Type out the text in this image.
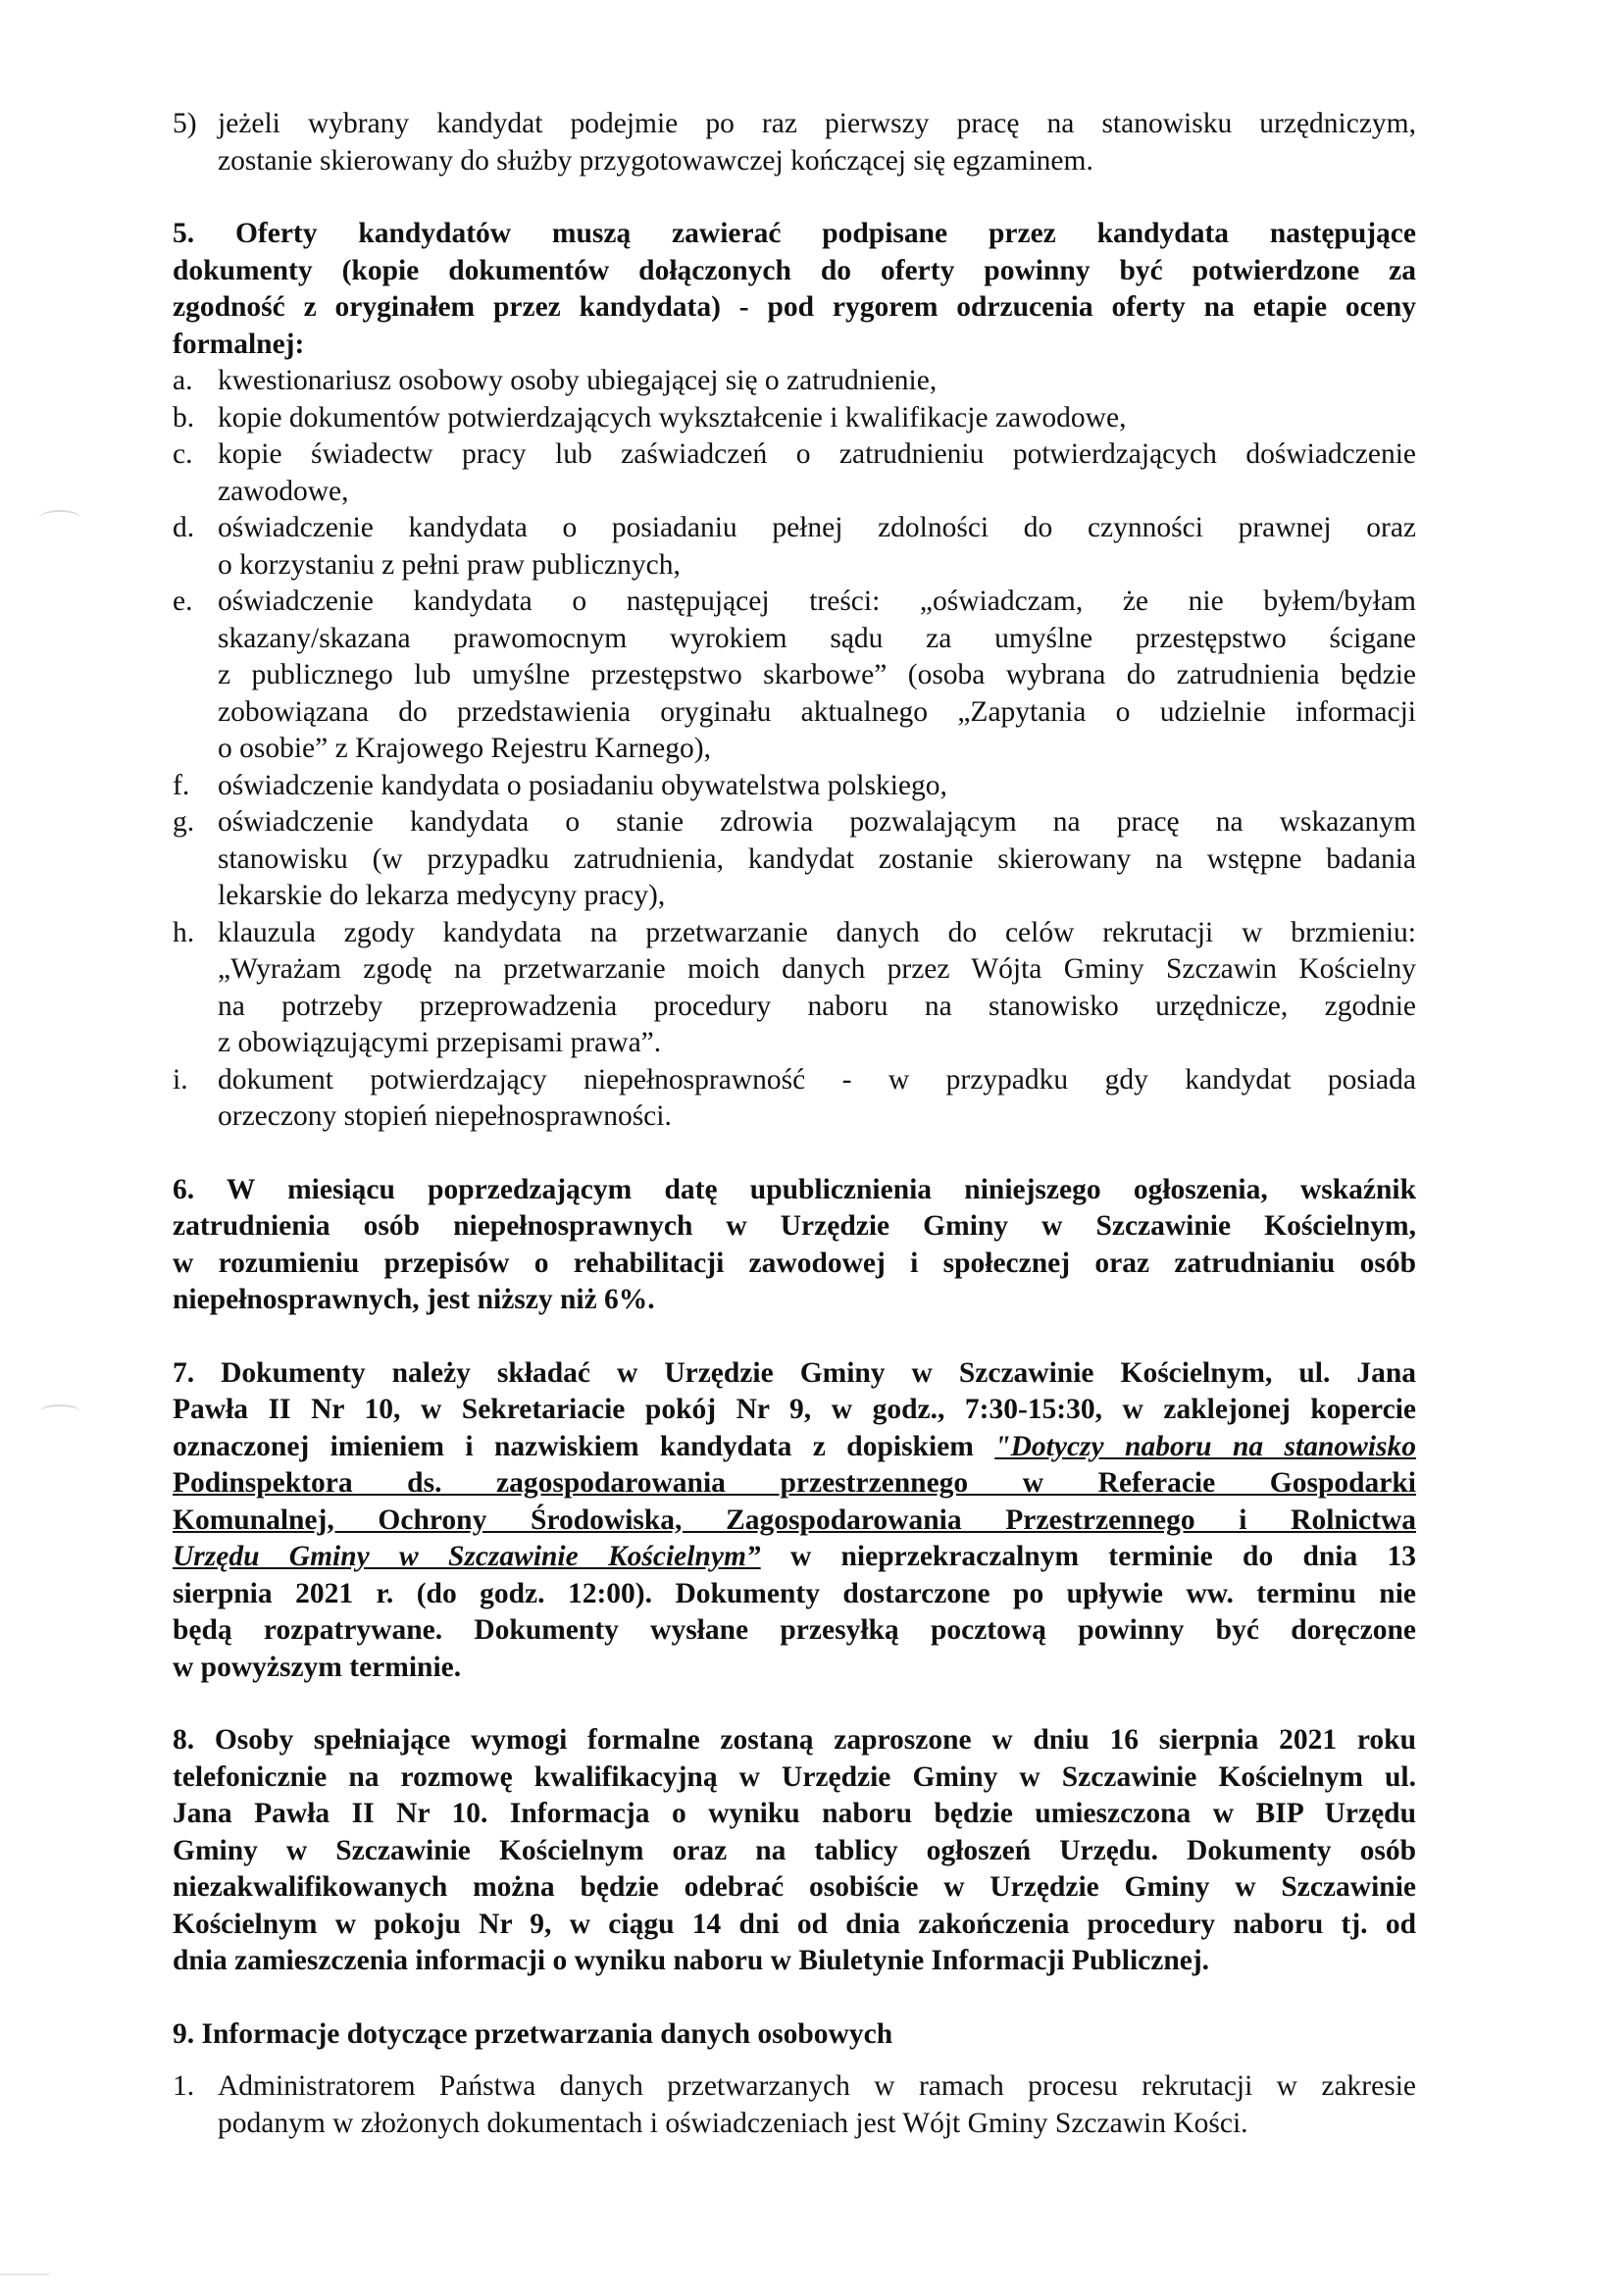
5) jeżeli wybrany kandydat podejmie po raz pierwszy pracę na stanowisku urzędniczym,
zostanie skierowany do służby przygotowawczej kończącej się egzaminem.
5. Oferty kandydatów muszą zawierać podpisane przez kandydata następujące
dokumenty (kopie dokumentów dołączonych do oferty powinny być potwierdzone za
zgodność z oryginałem przez kandydata) - pod rygorem odrzucenia oferty na etapie oceny
formalnej:
a. kwestionariusz osobowy osoby ubiegającej się o zatrudnienie,
b. kopie dokumentów potwierdzających wykształcenie i kwalifikacje zawodowe,
c. kopie świadectw pracy lub zaświadczeń o zatrudnieniu potwierdzających doświadczenie
zawodowe,
d. oświadczenie kandydata o posiadaniu pełnej zdolności do czynności prawnej oraz
o korzystaniu z pełni praw publicznych,
e. oświadczenie kandydata o następującej treści: „oświadczam, że nie byłem/byłam
skazany/skazana prawomocnym wyrokiem sądu za umyślne przestępstwo ścigane
z publicznego lub umyślne przestępstwo skarbowe” (osoba wybrana do zatrudnienia będzie
zobowiązana do przedstawienia oryginału aktualnego „Zapytania o udzielnie informacji
o osobie” z Krajowego Rejestru Karnego),
f. oświadczenie kandydata o posiadaniu obywatelstwa polskiego,
g. oświadczenie kandydata o stanie zdrowia pozwalającym na pracę na wskazanym
stanowisku (w przypadku zatrudnienia, kandydat zostanie skierowany na wstępne badania
lekarskie do lekarza medycyny pracy),
h. klauzula zgody kandydata na przetwarzanie danych do celów rekrutacji w brzmieniu:
„Wyrażam zgodę na przetwarzanie moich danych przez Wójta Gminy Szczawin Kościelny
na potrzeby przeprowadzenia procedury naboru na stanowisko urzędnicze, zgodnie
z obowiązującymi przepisami prawa”.
i.	dokument potwierdzający niepełnosprawność - w przypadku gdy kandydat posiada
orzeczony stopień niepełnosprawności.
6. W miesiącu poprzedzającym datę upublicznienia niniejszego ogłoszenia, wskaźnik
zatrudnienia osób niepełnosprawnych w Urzędzie Gminy w Szczawinie Kościelnym,
w rozumieniu przepisów o rehabilitacji zawodowej i społecznej oraz zatrudnianiu osób
niepełnosprawnych, jest niższy niż 6%.
7. Dokumenty należy składać w Urzędzie Gminy w Szczawinie Kościelnym, ul. Jana
Pawła II Nr 10, w Sekretariacie pokój Nr 9, w godz., 7:30-15:30, w zaklejonej kopercie
oznaczonej imieniem i nazwiskiem kandydata z dopiskiem "Dotyczy naboru na stanowisko
Podinspektora ds. zagospodarowania przestrzennego w Referacie Gospodarki
Komunalnej, Ochrony Środowiska, Zagospodarowania Przestrzennego i Rolnictwa
Urzędu Gminy w Szczawinie Kościelnym” w nieprzekraczalnym terminie do dnia 13
sierpnia 2021 r. (do godz. 12:00). Dokumenty dostarczone po upływie ww. terminu nie
będą rozpatrywane. Dokumenty wysłane przesyłką pocztową powinny być doręczone
w powyższym terminie.
8. Osoby spełniające wymogi formalne zostaną zaproszone w dniu 16 sierpnia 2021 roku
telefonicznie na rozmowę kwalifikacyjną w Urzędzie Gminy w Szczawinie Kościelnym ul.
Jana Pawła II Nr 10. Informacja o wyniku naboru będzie umieszczona w BIP Urzędu
Gminy w Szczawinie Kościelnym oraz na tablicy ogłoszeń Urzędu. Dokumenty osób
niezakwalifikowanych można będzie odebrać osobiście w Urzędzie Gminy w Szczawinie
Kościelnym w pokoju Nr 9, w ciągu 14 dni od dnia zakończenia procedury naboru tj. od
dnia zamieszczenia informacji o wyniku naboru w Biuletynie Informacji Publicznej.
9. Informacje dotyczące przetwarzania danych osobowych
1. Administratorem Państwa danych przetwarzanych w ramach procesu rekrutacji w zakresie
podanym w złożonych dokumentach i oświadczeniach jest Wójt Gminy Szczawin Kości.
